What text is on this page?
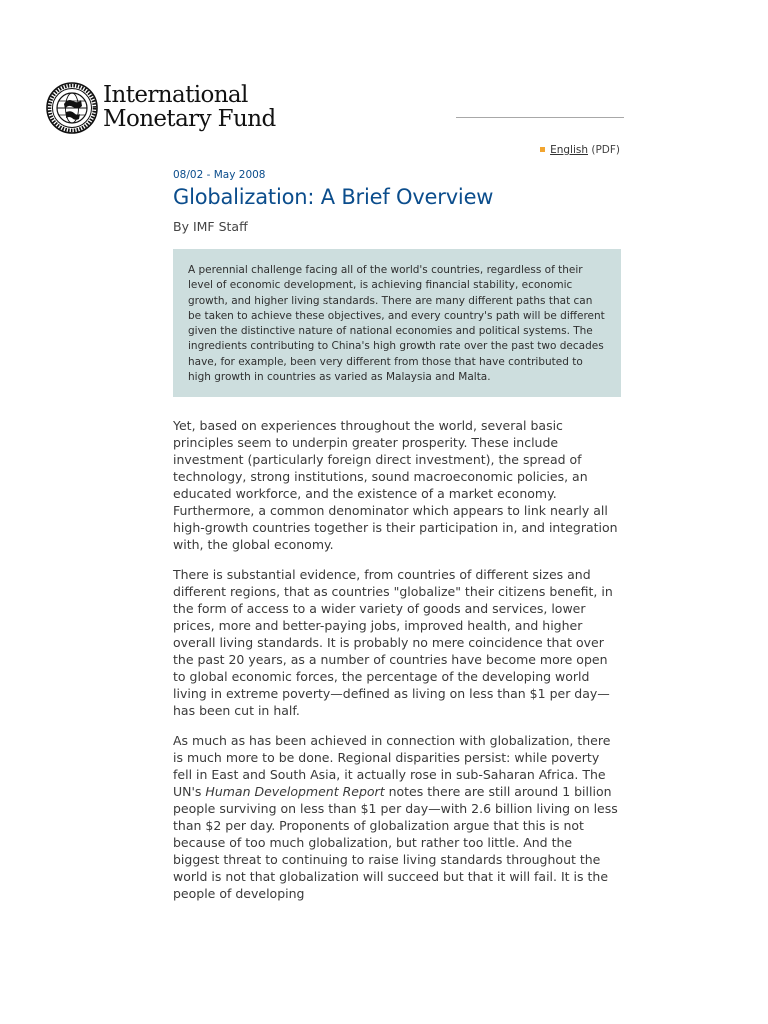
International
Monetary Fund
English (PDF)
08/02 - May 2008
Globalization: A Brief Overview
By IMF Staff
A perennial challenge facing all of the world's countries, regardless of their level of economic development, is achieving financial stability, economic growth, and higher living standards. There are many different paths that can be taken to achieve these objectives, and every country's path will be different given the distinctive nature of national economies and political systems. The ingredients contributing to China's high growth rate over the past two decades have, for example, been very different from those that have contributed to high growth in countries as varied as Malaysia and Malta.

Yet, based on experiences throughout the world, several basic principles seem to underpin greater prosperity. These include investment (particularly foreign direct investment), the spread of technology, strong institutions, sound macroeconomic policies, an educated workforce, and the existence of a market economy. Furthermore, a common denominator which appears to link nearly all high-growth countries together is their participation in, and integration with, the global economy.

There is substantial evidence, from countries of different sizes and different regions, that as countries "globalize" their citizens benefit, in the form of access to a wider variety of goods and services, lower prices, more and better-paying jobs, improved health, and higher overall living standards. It is probably no mere coincidence that over the past 20 years, as a number of countries have become more open to global economic forces, the percentage of the developing world living in extreme poverty—defined as living on less than $1 per day—has been cut in half.

As much as has been achieved in connection with globalization, there is much more to be done. Regional disparities persist: while poverty fell in East and South Asia, it actually rose in sub-Saharan Africa. The UN's Human Development Report notes there are still around 1 billion people surviving on less than $1 per day—with 2.6 billion living on less than $2 per day. Proponents of globalization argue that this is not because of too much globalization, but rather too little. And the biggest threat to continuing to raise living standards throughout the world is not that globalization will succeed but that it will fail. It is the people of developing
